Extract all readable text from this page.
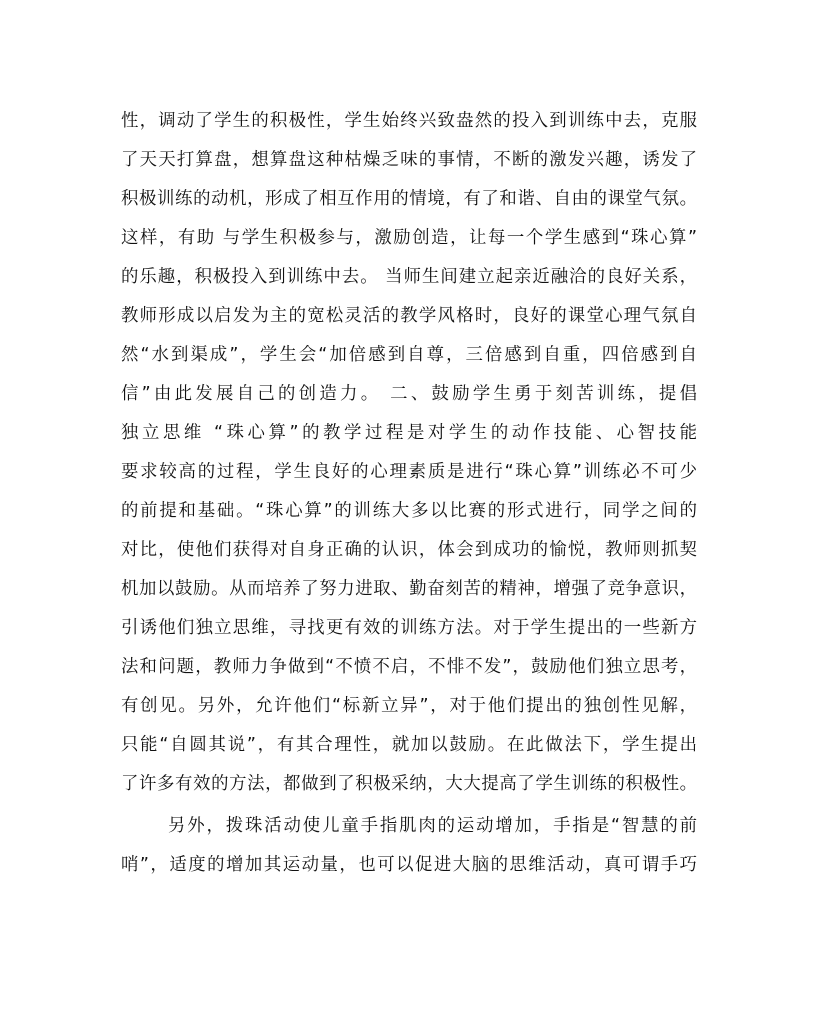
性，调动了学生的积极性，学生始终兴致盎然的投入到训练中去，克服
了天天打算盘，想算盘这种枯燥乏味的事情，不断的激发兴趣，诱发了
积极训练的动机，形成了相互作用的情境，有了和谐、自由的课堂气氛。
这样，有助 与学生积极参与，激励创造，让每一个学生感到“珠心算”
的乐趣，积极投入到训练中去。 当师生间建立起亲近融洽的良好关系，
教师形成以启发为主的宽松灵活的教学风格时，良好的课堂心理气氛自
然“水到渠成”，学生会“加倍感到自尊，三倍感到自重，四倍感到自
信”由此发展自己的创造力。 二、鼓励学生勇于刻苦训练，提倡
独立思维 “珠心算”的教学过程是对学生的动作技能、心智技能
要求较高的过程，学生良好的心理素质是进行“珠心算”训练必不可少
的前提和基础。“珠心算”的训练大多以比赛的形式进行，同学之间的
对比，使他们获得对自身正确的认识，体会到成功的愉悦，教师则抓契
机加以鼓励。从而培养了努力进取、勤奋刻苦的精神，增强了竞争意识，
引诱他们独立思维，寻找更有效的训练方法。对于学生提出的一些新方
法和问题，教师力争做到“不愤不启，不悱不发”，鼓励他们独立思考，
有创见。另外，允许他们“标新立异”，对于他们提出的独创性见解，
只能“自圆其说”，有其合理性，就加以鼓励。在此做法下，学生提出
了许多有效的方法，都做到了积极采纳，大大提高了学生训练的积极性。
另外，拨珠活动使儿童手指肌肉的运动增加，手指是“智慧的前
哨”，适度的增加其运动量，也可以促进大脑的思维活动，真可谓手巧
